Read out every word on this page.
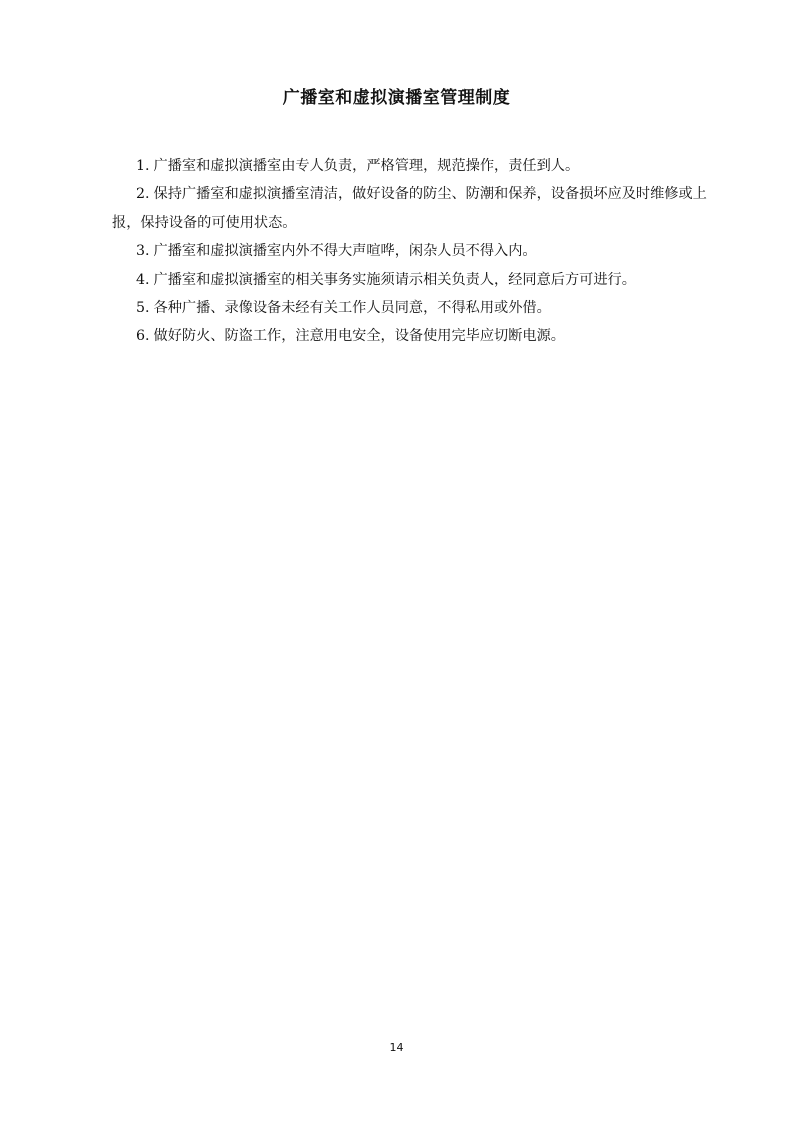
广播室和虚拟演播室管理制度
1. 广播室和虚拟演播室由专人负责，严格管理，规范操作，责任到人。
2. 保持广播室和虚拟演播室清洁，做好设备的防尘、防潮和保养，设备损坏应及时维修或上报，保持设备的可使用状态。
3. 广播室和虚拟演播室内外不得大声喧哗，闲杂人员不得入内。
4. 广播室和虚拟演播室的相关事务实施须请示相关负责人，经同意后方可进行。
5. 各种广播、录像设备未经有关工作人员同意，不得私用或外借。
6. 做好防火、防盗工作，注意用电安全，设备使用完毕应切断电源。
14
